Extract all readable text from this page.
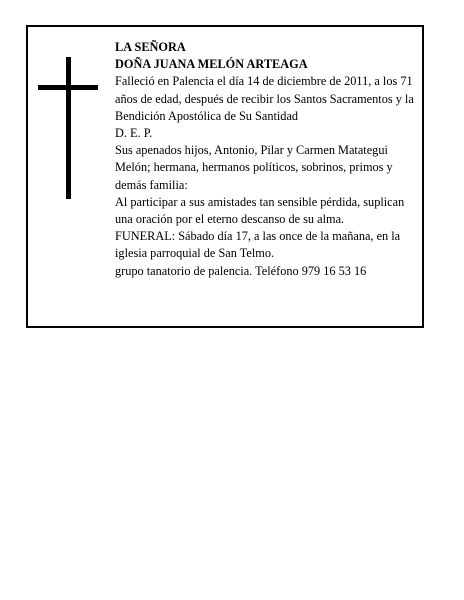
LA SEÑORA

DOÑA JUANA MELÓN ARTEAGA

Falleció en Palencia el día 14 de diciembre de 2011, a los 71 años de edad, después de recibir los Santos Sacramentos y la Bendición Apostólica de Su Santidad

D. E. P.

Sus apenados hijos, Antonio, Pilar y Carmen Matategui Melón; hermana, hermanos políticos, sobrinos, primos y demás familia:

Al participar a sus amistades tan sensible pérdida, suplican una oración por el eterno descanso de su alma.

FUNERAL: Sábado día 17, a las once de la mañana, en la iglesia parroquial de San Telmo.

grupo tanatorio de palencia. Teléfono 979 16 53 16
